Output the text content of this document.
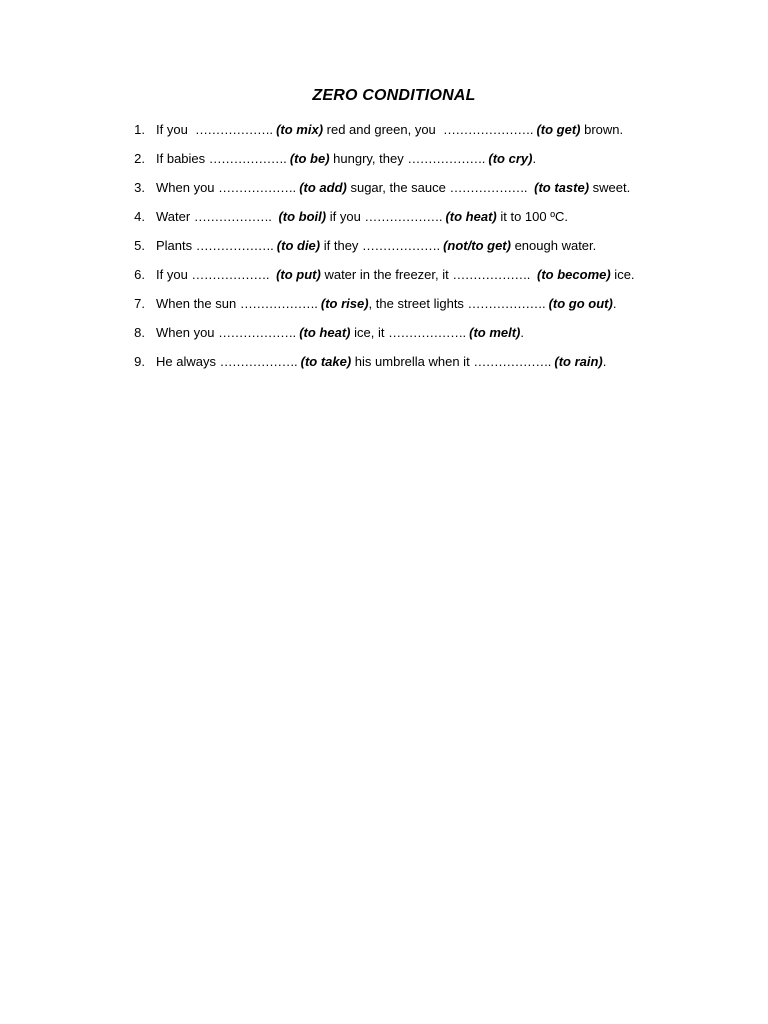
ZERO CONDITIONAL
1. If you  ………………. (to mix) red and green, you  …………………. (to get) brown.
2. If babies ………………. (to be) hungry, they ………………. (to cry).
3. When you ………………. (to add) sugar, the sauce ………………. (to taste) sweet.
4. Water ………………. (to boil) if you ………………. (to heat) it to 100 ºC.
5. Plants ………………. (to die) if they ………………. (not/to get) enough water.
6. If you ………………. (to put) water in the freezer, it ………………. (to become) ice.
7. When the sun ………………. (to rise), the street lights ………………. (to go out).
8. When you ………………. (to heat) ice, it ………………. (to melt).
9. He always ………………. (to take) his umbrella when it ………………. (to rain).
